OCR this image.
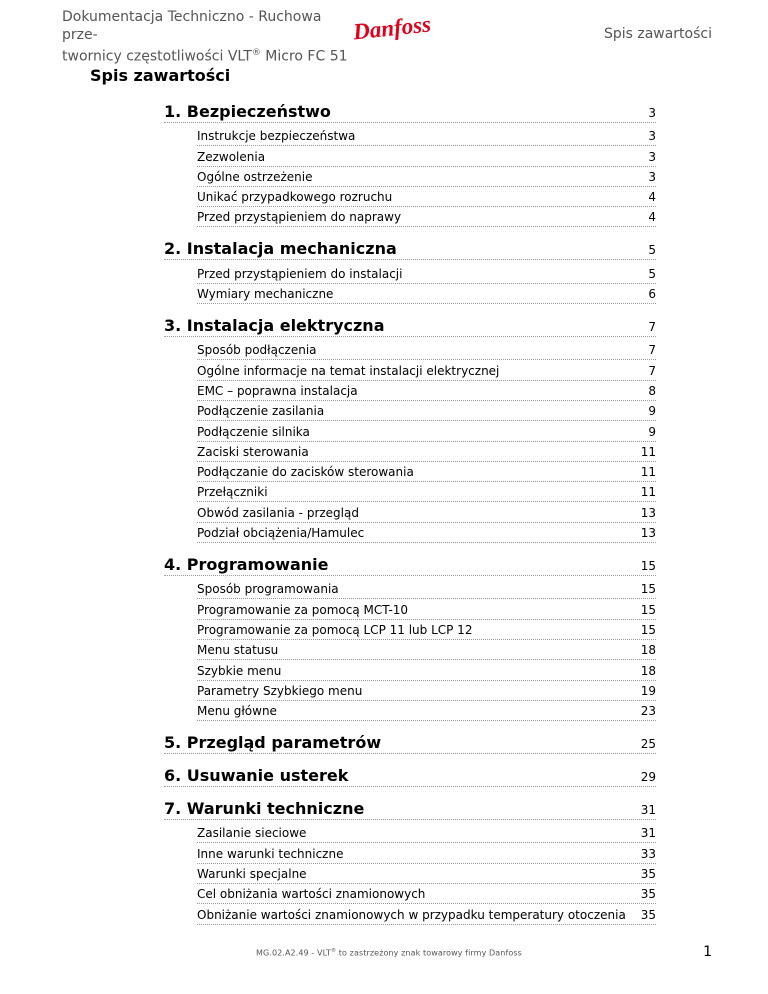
Dokumentacja Techniczno - Ruchowa prze-
twornicy częstotliwości VLT® Micro FC 51
Danfoss	Spis zawartości
Spis zawartości
1. Bezpieczeństwo	3
Instrukcje bezpieczeństwa	3
Zezwolenia	3
Ogólne ostrzeżenie	3
Unikać przypadkowego rozruchu	4
Przed przystąpieniem do naprawy	4
2. Instalacja mechaniczna	5
Przed przystąpieniem do instalacji	5
Wymiary mechaniczne	6
3. Instalacja elektryczna	7
Sposób podłączenia	7
Ogólne informacje na temat instalacji elektrycznej	7
EMC – poprawna instalacja	8
Podłączenie zasilania	9
Podłączenie silnika	9
Zaciski sterowania	11
Podłączanie do zacisków sterowania	11
Przełączniki	11
Obwód zasilania - przegląd	13
Podział obciążenia/Hamulec	13
4. Programowanie	15
Sposób programowania	15
Programowanie za pomocą MCT-10	15
Programowanie za pomocą LCP 11 lub LCP 12	15
Menu statusu	18
Szybkie menu	18
Parametry Szybkiego menu	19
Menu główne	23
5. Przegląd parametrów	25
6. Usuwanie usterek	29
7. Warunki techniczne	31
Zasilanie sieciowe	31
Inne warunki techniczne	33
Warunki specjalne	35
Cel obniżania wartości znamionowych	35
Obniżanie wartości znamionowych w przypadku temperatury otoczenia 35
MG.02.A2.49 - VLT® to zastrzeżony znak towarowy firmy Danfoss	1
